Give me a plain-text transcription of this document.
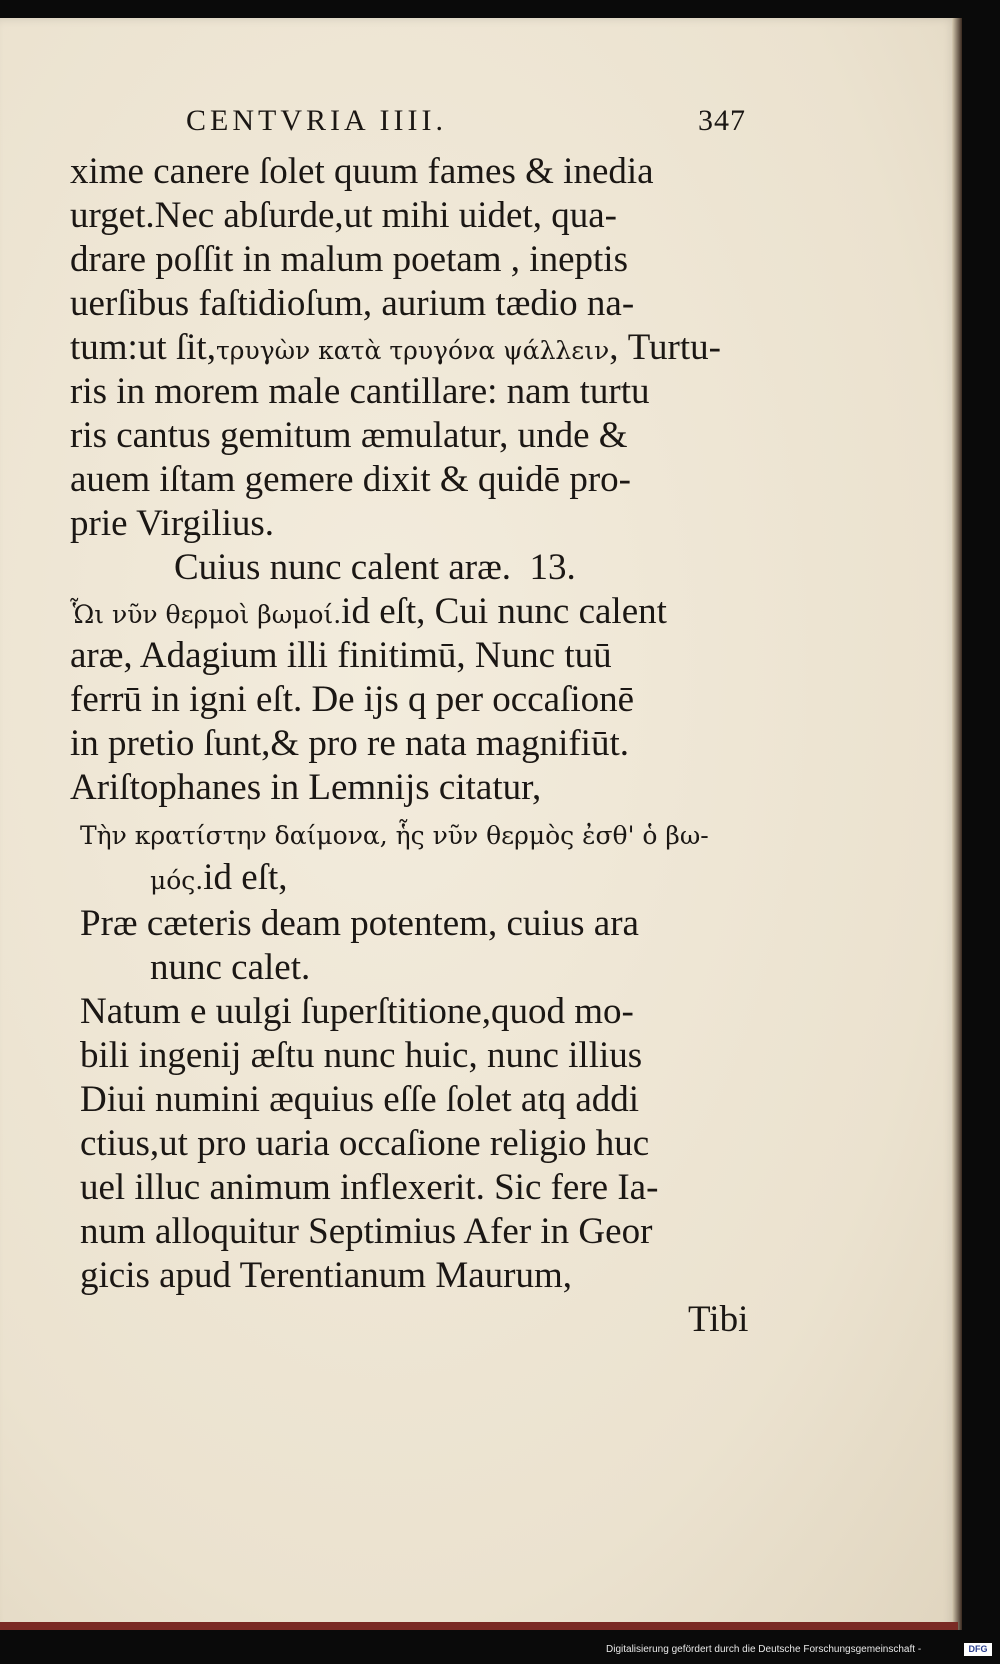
CENTVRIA IIII.	347
xime canere ſolet quum fames & inedia
urget.Nec abſurde,ut mihi uidet, qua-
drare poſſit in malum poetam , ineptis
uerſibus faſtidioſum, aurium tædio na-
tum:ut ſit,τρυγὼν κατὰ τρυγόνα ψάλλειν, Turtu-
ris in morem male cantillare: nam turtu
ris cantus gemitum æmulatur, unde &
auem iſtam gemere dixit & quidē pro-
prie Virgilius.
Cuius nunc calent aræ. 13.
Ὧι νῦν θερμοὶ βωμοί.id eſt, Cui nunc calent
aræ, Adagium illi finitimū, Nunc tuū
ferrū in igni eſt. De ijs q per occaſionē
in pretio ſunt,& pro re nata magnifiūt.
Ariſtophanes in Lemnijs citatur,
Τὴν κρατίστην δαίμονα, ἧς νῦν θερμὸς ἐσθ' ὁ βω-
μός.id eſt,
Præ cæteris deam potentem, cuius ara
nunc calet.
Natum e uulgi ſuperſtitione,quod mo-
bili ingenij æſtu nunc huic, nunc illius
Diui numini æquius eſſe ſolet atq addi
ctius,ut pro uaria occaſione religio huc
uel illuc animum inflexerit. Sic fere Ia-
num alloquitur Septimius Afer in Geor
gicis apud Terentianum Maurum,
Tibi
Digitalisierung gefördert durch die Deutsche Forschungsgemeinschaft -	DFG
